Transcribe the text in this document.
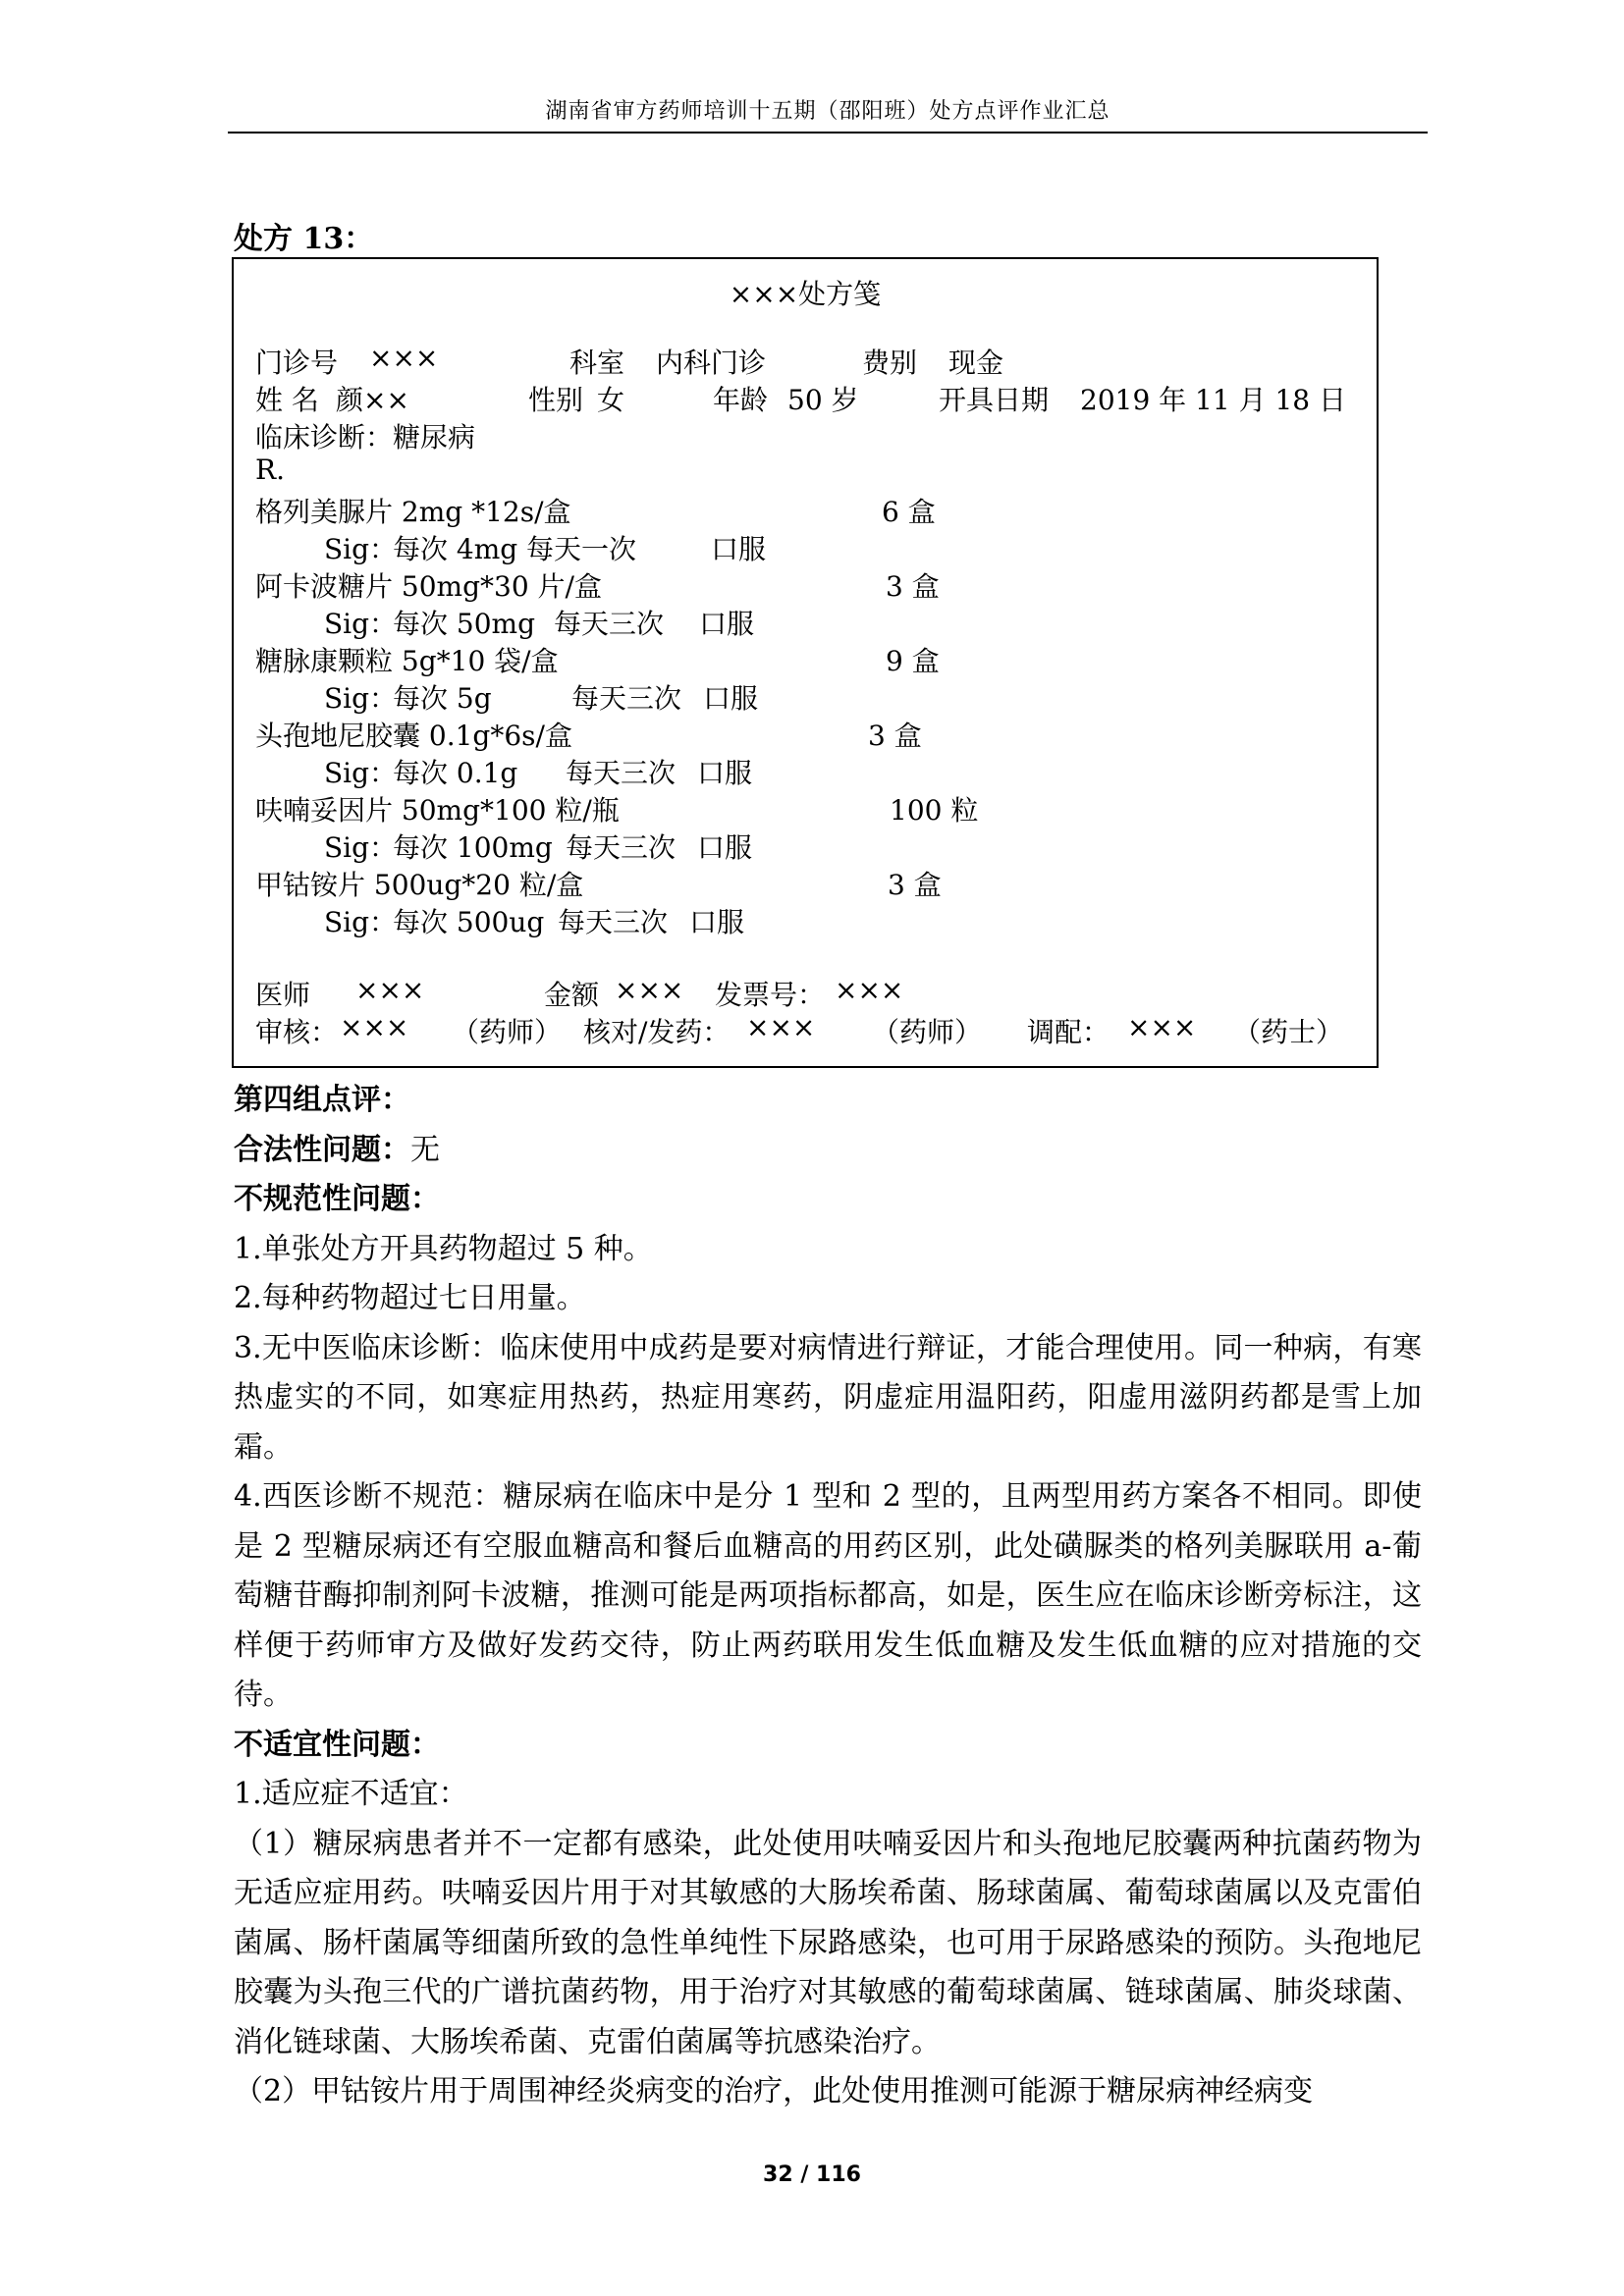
湖南省审方药师培训十五期（邵阳班）处方点评作业汇总
处方 13：
×××处方笺
门诊号 ×××	科室 内科门诊	费别 现金
姓 名 颜××	性别 女	年龄 50 岁	开具日期 2019 年 11 月 18 日
临床诊断：糖尿病
R.
格列美脲片 2mg *12s/盒	6 盒
Sig：
每次 4mg 每天一次	口服
阿卡波糖片 50mg*30 片/盒	3 盒
Sig：
每次 50mg 每天三次 口服
糖脉康颗粒 5g*10 袋/盒	9 盒
Sig：
每次 5g	每天三次 口服
头孢地尼胶囊 0.1g*6s/盒	3 盒
Sig：
每次 0.1g 每天三次 口服
呋喃妥因片 50mg*100 粒/瓶	100 粒
Sig：
每次 100mg 每天三次 口服
甲钴铵片 500ug*20 粒/盒	3 盒
Sig：
每次 500ug 每天三次 口服
医师 ×××	金额 ××× 发票号： ×××
审核： ××× （药师） 核对/发药： ××× （药师） 调配： ××× （药士）

第四组点评：

合法性问题：无

不规范性问题：

1.单张处方开具药物超过 5 种。

2.每种药物超过七日用量。

3.无中医临床诊断：临床使用中成药是要对病情进行辩证，才能合理使用。同一种病，有寒热虚实的不同，如寒症用热药，热症用寒药，阴虚症用温阳药，阳虚用滋阴药都是雪上加霜。

4.西医诊断不规范：糖尿病在临床中是分 1 型和 2 型的，且两型用药方案各不相同。即使是 2 型糖尿病还有空服血糖高和餐后血糖高的用药区别，此处磺脲类的格列美脲联用 a-葡萄糖苷酶抑制剂阿卡波糖，推测可能是两项指标都高，如是，医生应在临床诊断旁标注，这样便于药师审方及做好发药交待，防止两药联用发生低血糖及发生低血糖的应对措施的交待。

不适宜性问题：

1.适应症不适宜：

（1）糖尿病患者并不一定都有感染，此处使用呋喃妥因片和头孢地尼胶囊两种抗菌药物为无适应症用药。呋喃妥因片用于对其敏感的大肠埃希菌、肠球菌属、葡萄球菌属以及克雷伯菌属、肠杆菌属等细菌所致的急性单纯性下尿路感染，也可用于尿路感染的预防。头孢地尼胶囊为头孢三代的广谱抗菌药物，用于治疗对其敏感的葡萄球菌属、链球菌属、肺炎球菌、消化链球菌、大肠埃希菌、克雷伯菌属等抗感染治疗。

（2）甲钴铵片用于周围神经炎病变的治疗，此处使用推测可能源于糖尿病神经病变

32 / 116
